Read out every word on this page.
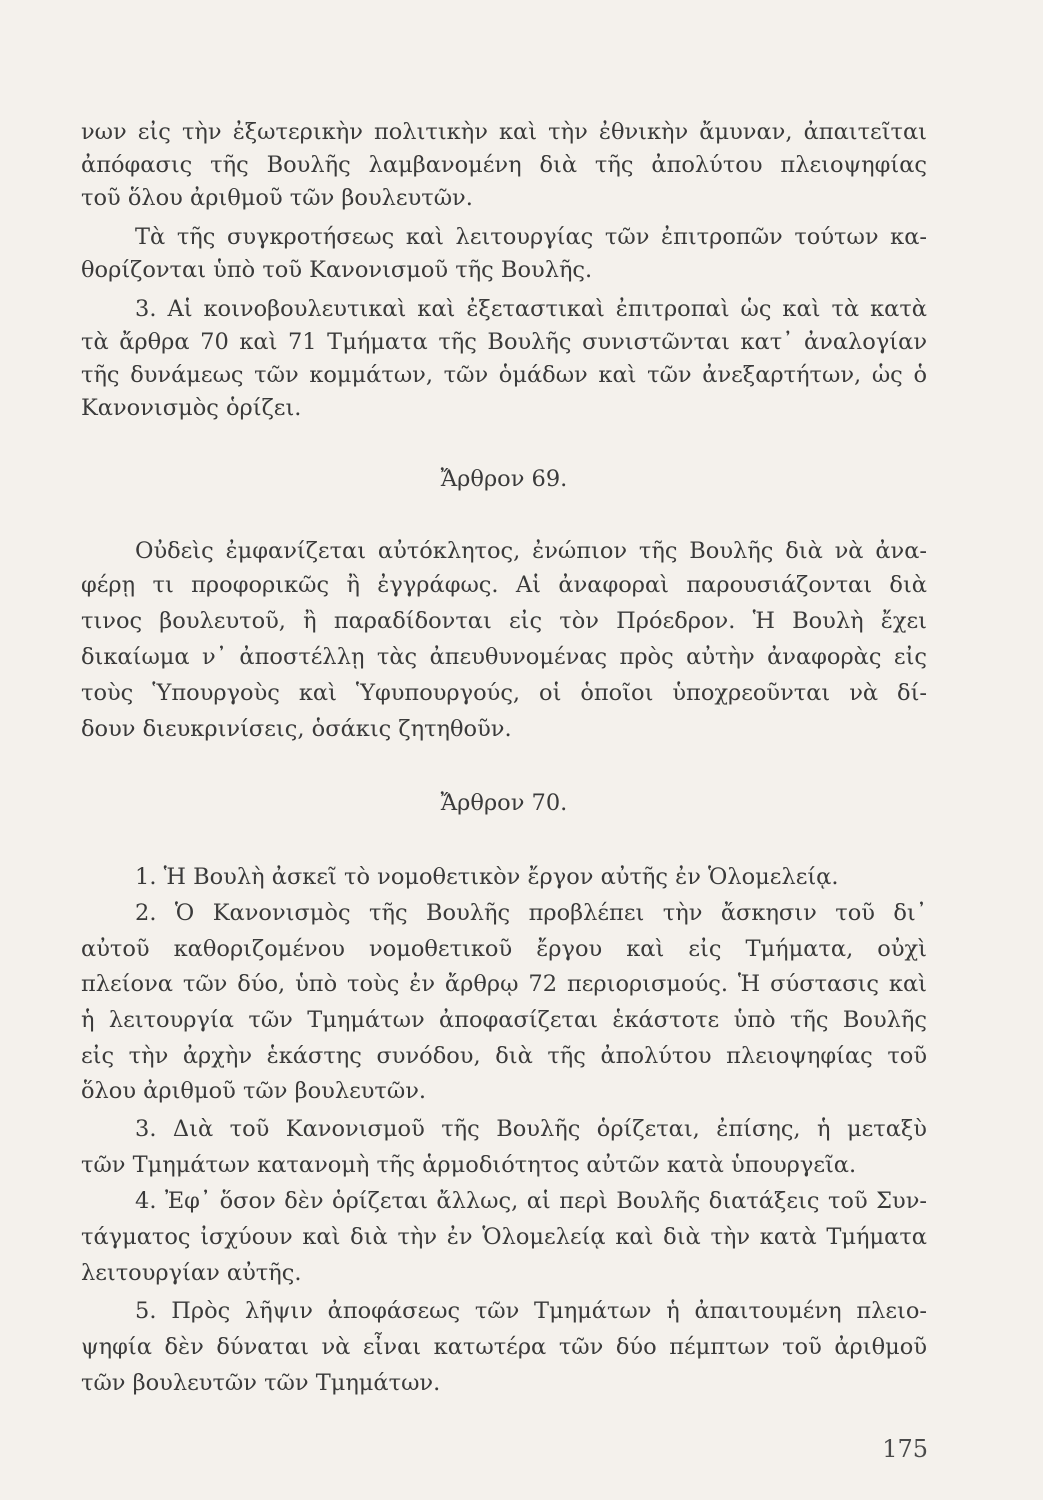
νων εἰς τὴν ἐξωτερικὴν πολιτικὴν καὶ τὴν ἐθνικὴν ἄμυναν, ἀπαιτεῖται

ἀπόφασις τῆς Βουλῆς λαμβανομένη διὰ τῆς ἀπολύτου πλειοψηφίας

τοῦ ὅλου ἀριθμοῦ τῶν βουλευτῶν.

Τὰ τῆς συγκροτήσεως καὶ λειτουργίας τῶν ἐπιτροπῶν τούτων κα-

θορίζονται ὑπὸ τοῦ Κανονισμοῦ τῆς Βουλῆς.

3. Αἱ κοινοβουλευτικαὶ καὶ ἐξεταστικαὶ ἐπιτροπαὶ ὡς καὶ τὰ κατὰ

τὰ ἄρθρα 70 καὶ 71 Τμήματα τῆς Βουλῆς συνιστῶνται κατ᾿ ἀναλογίαν

τῆς δυνάμεως τῶν κομμάτων, τῶν ὁμάδων καὶ τῶν ἀνεξαρτήτων, ὡς ὁ

Κανονισμὸς ὁρίζει.

Ἄρθρον 69.

Οὐδεὶς ἐμφανίζεται αὐτόκλητος, ἐνώπιον τῆς Βουλῆς διὰ νὰ ἀνα-

φέρῃ τι προφορικῶς ἢ ἐγγράφως. Αἱ ἀναφοραὶ παρουσιάζονται διὰ

τινος βουλευτοῦ, ἢ παραδίδονται εἰς τὸν Πρόεδρον. Ἡ Βουλὴ ἔχει

δικαίωμα ν᾿ ἀποστέλλῃ τὰς ἀπευθυνομένας πρὸς αὐτὴν ἀναφορὰς εἰς

τοὺς Ὑπουργοὺς καὶ Ὑφυπουργούς, οἱ ὁποῖοι ὑποχρεοῦνται νὰ δί-

δουν διευκρινίσεις, ὁσάκις ζητηθοῦν.

Ἄρθρον 70.

1. Ἡ Βουλὴ ἀσκεῖ τὸ νομοθετικὸν ἔργον αὐτῆς ἐν Ὁλομελείᾳ.

2. Ὁ Κανονισμὸς τῆς Βουλῆς προβλέπει τὴν ἄσκησιν τοῦ δι᾿

αὐτοῦ καθοριζομένου νομοθετικοῦ ἔργου καὶ εἰς Τμήματα, οὐχὶ

πλείονα τῶν δύο, ὑπὸ τοὺς ἐν ἄρθρῳ 72 περιορισμούς. Ἡ σύστασις καὶ

ἡ λειτουργία τῶν Τμημάτων ἀποφασίζεται ἑκάστοτε ὑπὸ τῆς Βουλῆς

εἰς τὴν ἀρχὴν ἑκάστης συνόδου, διὰ τῆς ἀπολύτου πλειοψηφίας τοῦ

ὅλου ἀριθμοῦ τῶν βουλευτῶν.

3. Διὰ τοῦ Κανονισμοῦ τῆς Βουλῆς ὁρίζεται, ἐπίσης, ἡ μεταξὺ

τῶν Τμημάτων κατανομὴ τῆς ἁρμοδιότητος αὐτῶν κατὰ ὑπουργεῖα.

4. Ἐφ᾿ ὅσον δὲν ὁρίζεται ἄλλως, αἱ περὶ Βουλῆς διατάξεις τοῦ Συν-

τάγματος ἰσχύουν καὶ διὰ τὴν ἐν Ὁλομελείᾳ καὶ διὰ τὴν κατὰ Τμήματα

λειτουργίαν αὐτῆς.

5. Πρὸς λῆψιν ἀποφάσεως τῶν Τμημάτων ἡ ἀπαιτουμένη πλειο-

ψηφία δὲν δύναται νὰ εἶναι κατωτέρα τῶν δύο πέμπτων τοῦ ἀριθμοῦ

τῶν βουλευτῶν τῶν Τμημάτων.

175
